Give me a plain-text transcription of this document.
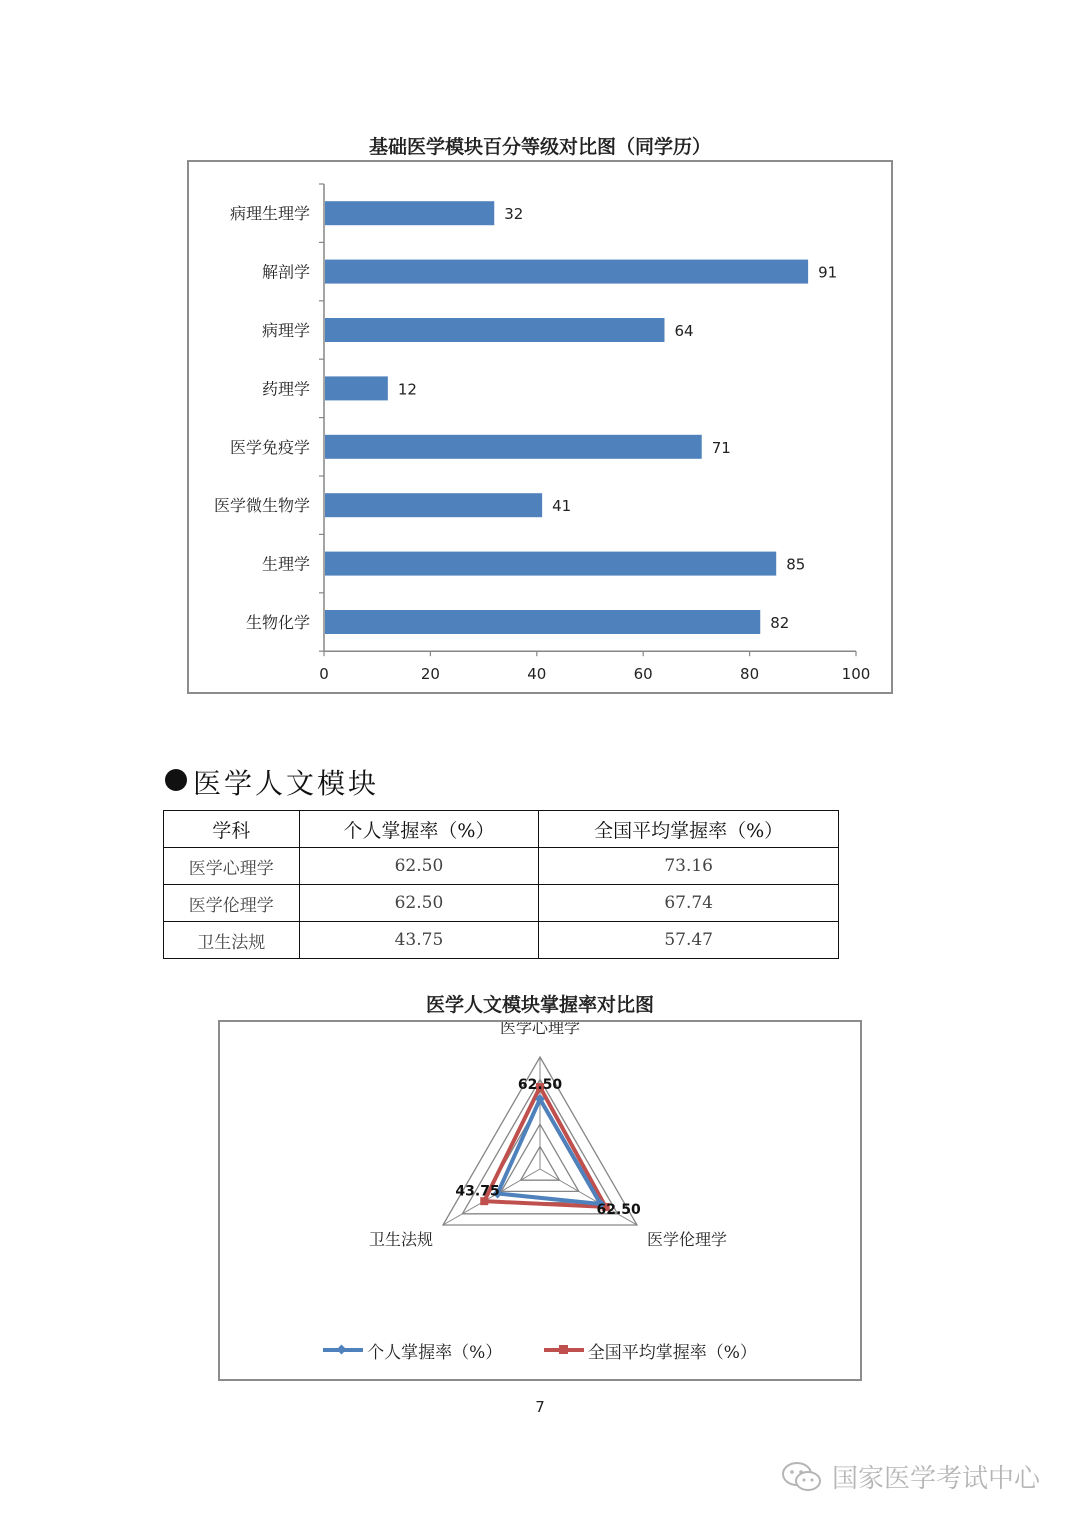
基础医学模块百分等级对比图（同学历）
病理生理学	32
解剖学	91
病理学	64
药理学	12
医学免疫学	71
医学微生物学	41
生理学	85
生物化学	82
0	20	40	60	80	100
医学人文模块
学科	个人掌握率（%）	全国平均掌握率（%）
医学心理学	62.50	73.16
医学伦理学	62.50	67.74
卫生法规	43.75	57.47
医学人文模块掌握率对比图
62.50
62.50
43.75
医学心理学
医学伦理学
卫生法规
个人掌握率（%）
	全国平均掌握率（%）
7
国家医学考试中心
